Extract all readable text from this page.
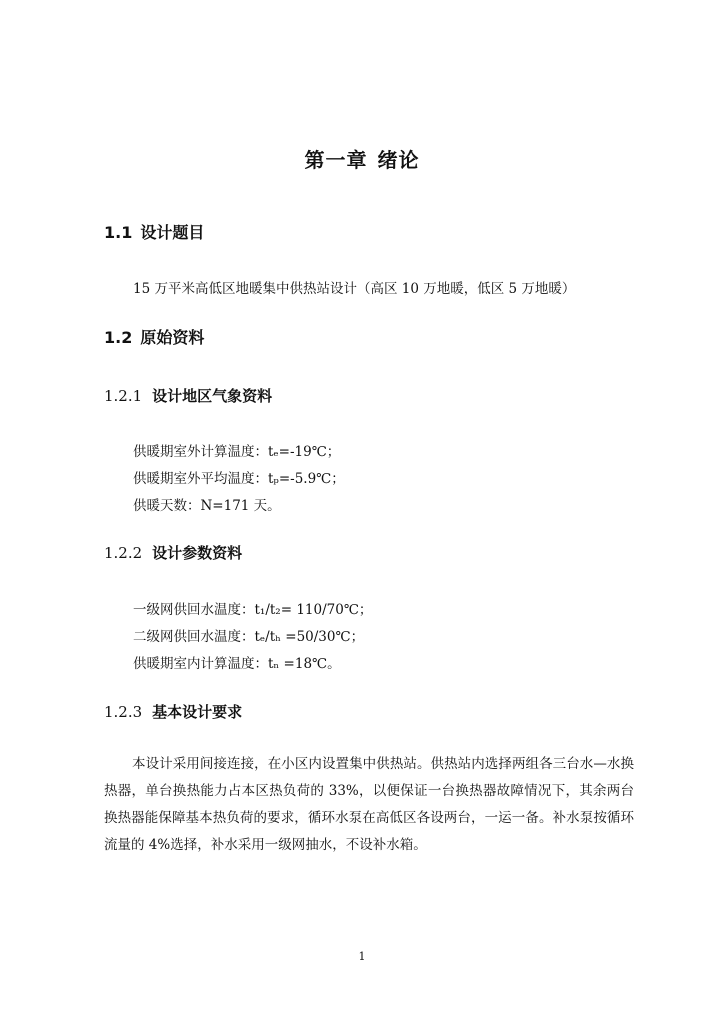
第一章 绪论
1.1 设计题目
15 万平米高低区地暖集中供热站设计（高区 10 万地暖，低区 5 万地暖）
1.2 原始资料
1.2.1 设计地区气象资料
供暖期室外计算温度：tₑ=-19℃；
供暖期室外平均温度：tₚ=-5.9℃；
供暖天数：N=171 天。
1.2.2 设计参数资料
一级网供回水温度：t₁/t₂= 110/70℃；
二级网供回水温度：tₑ/tₕ =50/30℃；
供暖期室内计算温度：tₙ =18℃。
1.2.3 基本设计要求
本设计采用间接连接，在小区内设置集中供热站。供热站内选择两组各三台水—水换热器，单台换热能力占本区热负荷的 33%，以便保证一台换热器故障情况下，其余两台换热器能保障基本热负荷的要求，循环水泵在高低区各设两台，一运一备。补水泵按循环流量的 4%选择，补水采用一级网抽水，不设补水箱。
1
